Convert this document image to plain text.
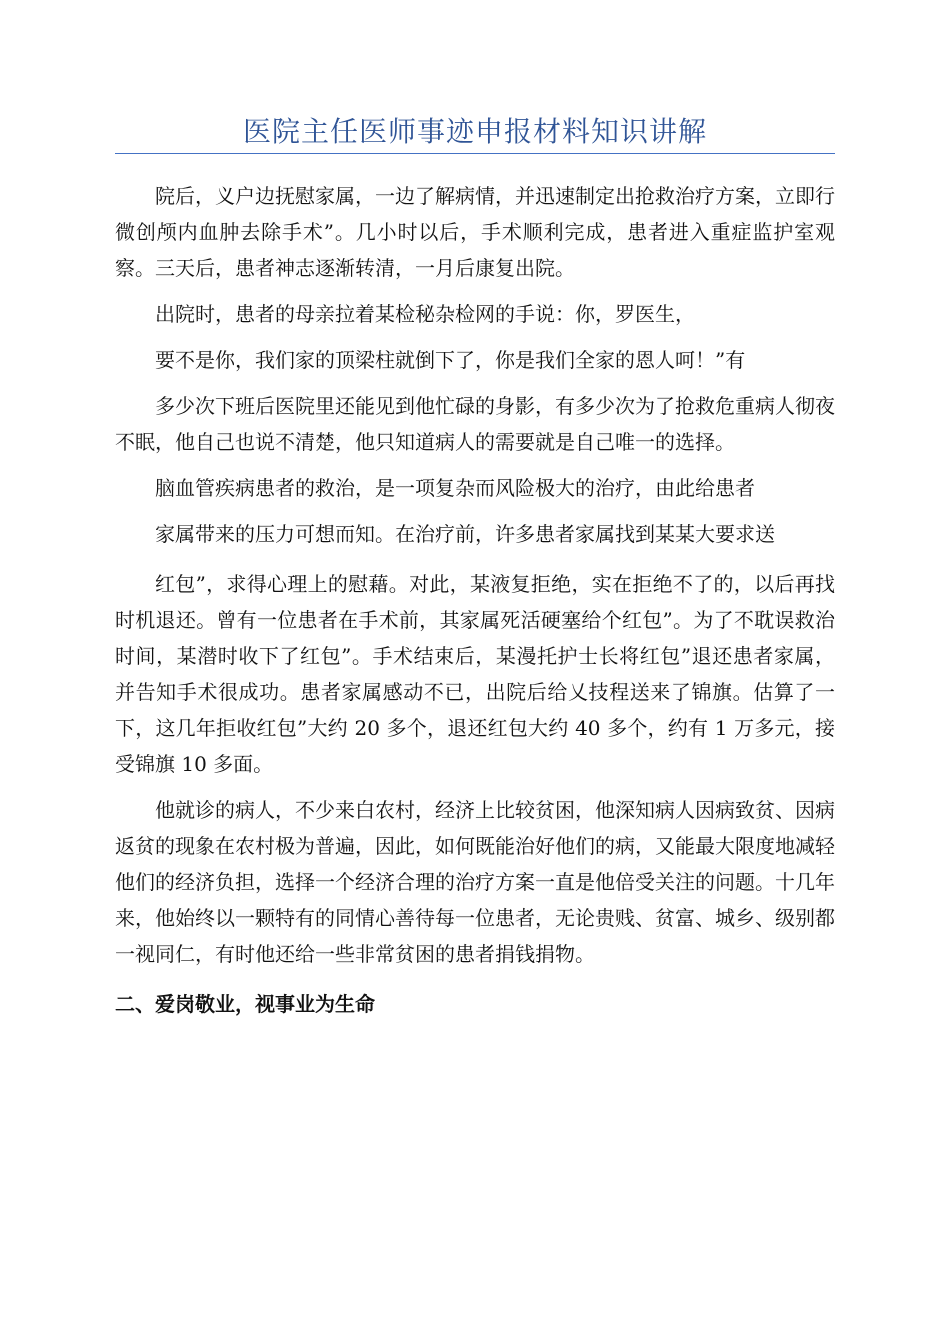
医院主任医师事迹申报材料知识讲解

院后，义户边抚慰家属，一边了解病情，并迅速制定出抢救治疗方案，立即行微创颅内血肿去除手术”。几小时以后，手术顺利完成，患者进入重症监护室观察。三天后，患者神志逐渐转清，一月后康复出院。

出院时，患者的母亲拉着某检秘杂检网的手说：你，罗医生，

要不是你，我们家的顶梁柱就倒下了，你是我们全家的恩人呵！”有

多少次下班后医院里还能见到他忙碌的身影，有多少次为了抢救危重病人彻夜不眠，他自己也说不清楚，他只知道病人的需要就是自己唯一的选择。

脑血管疾病患者的救治，是一项复杂而风险极大的治疗，由此给患者

家属带来的压力可想而知。在治疗前，许多患者家属找到某某大要求送

红包”，求得心理上的慰藉。对此，某液复拒绝，实在拒绝不了的，以后再找时机退还。曾有一位患者在手术前，其家属死活硬塞给个红包”。为了不耽误救治时间，某潜时收下了红包”。手术结束后，某漫托护士长将红包”退还患者家属，并告知手术很成功。患者家属感动不已，出院后给乂技程送来了锦旗。估算了一下，这几年拒收红包”大约 20 多个，退还红包大约 40 多个，约有 1 万多元，接受锦旗 10 多面。

他就诊的病人，不少来白农村，经济上比较贫困，他深知病人因病致贫、因病返贫的现象在农村极为普遍，因此，如何既能治好他们的病，又能最大限度地减轻他们的经济负担，选择一个经济合理的治疗方案一直是他倍受关注的问题。十几年来，他始终以一颗特有的同情心善待每一位患者，无论贵贱、贫富、城乡、级别都一视同仁，有时他还给一些非常贫困的患者捐钱捐物。

二、爱岗敬业，视事业为生命
